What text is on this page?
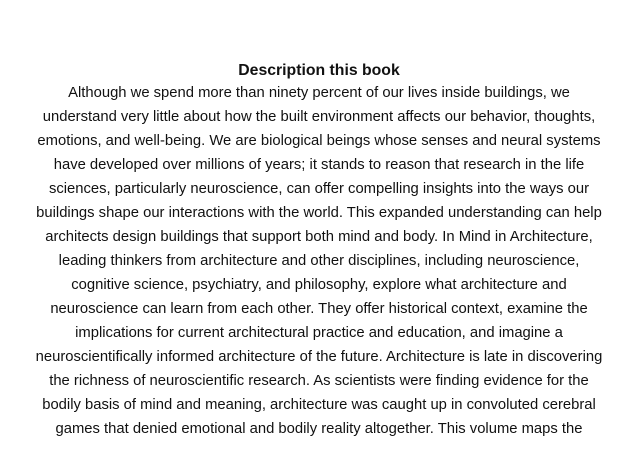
Description this book
Although we spend more than ninety percent of our lives inside buildings, we
understand very little about how the built environment affects our behavior, thoughts,
emotions, and well-being. We are biological beings whose senses and neural systems
have developed over millions of years; it stands to reason that research in the life
sciences, particularly neuroscience, can offer compelling insights into the ways our
buildings shape our interactions with the world. This expanded understanding can help
architects design buildings that support both mind and body. In Mind in Architecture,
leading thinkers from architecture and other disciplines, including neuroscience,
cognitive science, psychiatry, and philosophy, explore what architecture and
neuroscience can learn from each other. They offer historical context, examine the
implications for current architectural practice and education, and imagine a
neuroscientifically informed architecture of the future. Architecture is late in discovering
the richness of neuroscientific research. As scientists were finding evidence for the
bodily basis of mind and meaning, architecture was caught up in convoluted cerebral
games that denied emotional and bodily reality altogether. This volume maps the
